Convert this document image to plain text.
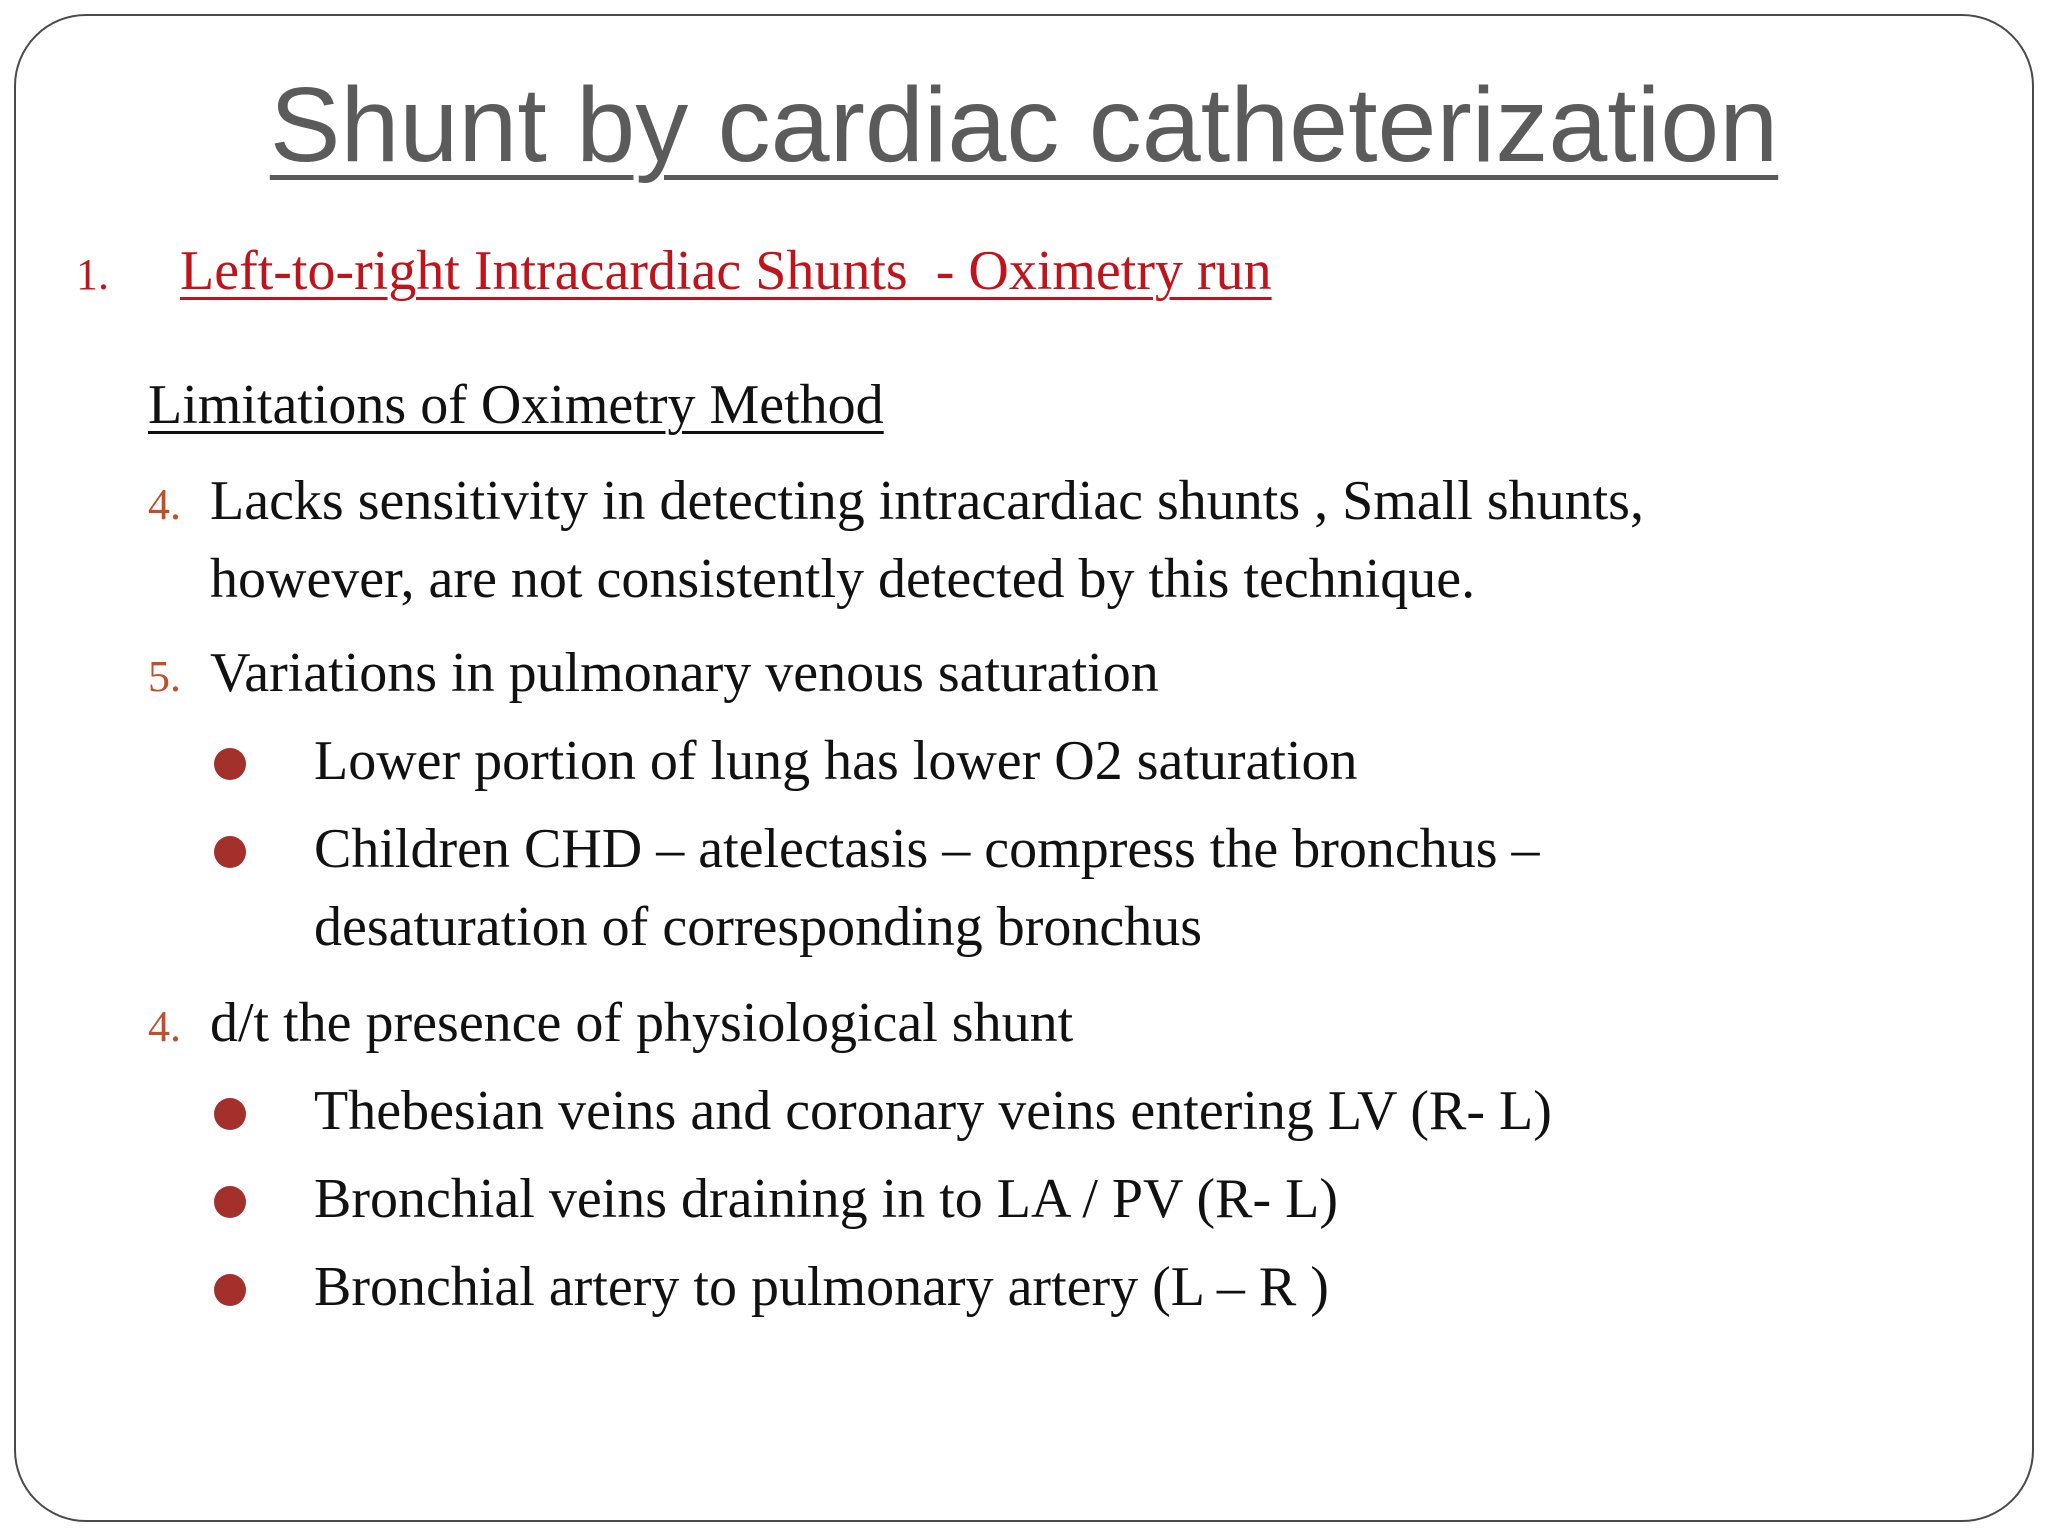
Shunt by cardiac catheterization
1. Left-to-right Intracardiac Shunts  - Oximetry run
Limitations of Oximetry Method
4. Lacks sensitivity in detecting intracardiac shunts , Small shunts,
however, are not consistently detected by this technique.
5. Variations in pulmonary venous saturation
Lower portion of lung has lower O2 saturation
Children CHD – atelectasis – compress the bronchus –
desaturation of corresponding bronchus
4. d/t the presence of physiological shunt
Thebesian veins and coronary veins entering LV (R- L)
Bronchial veins draining in to LA / PV (R- L)
Bronchial artery to pulmonary artery (L – R )
